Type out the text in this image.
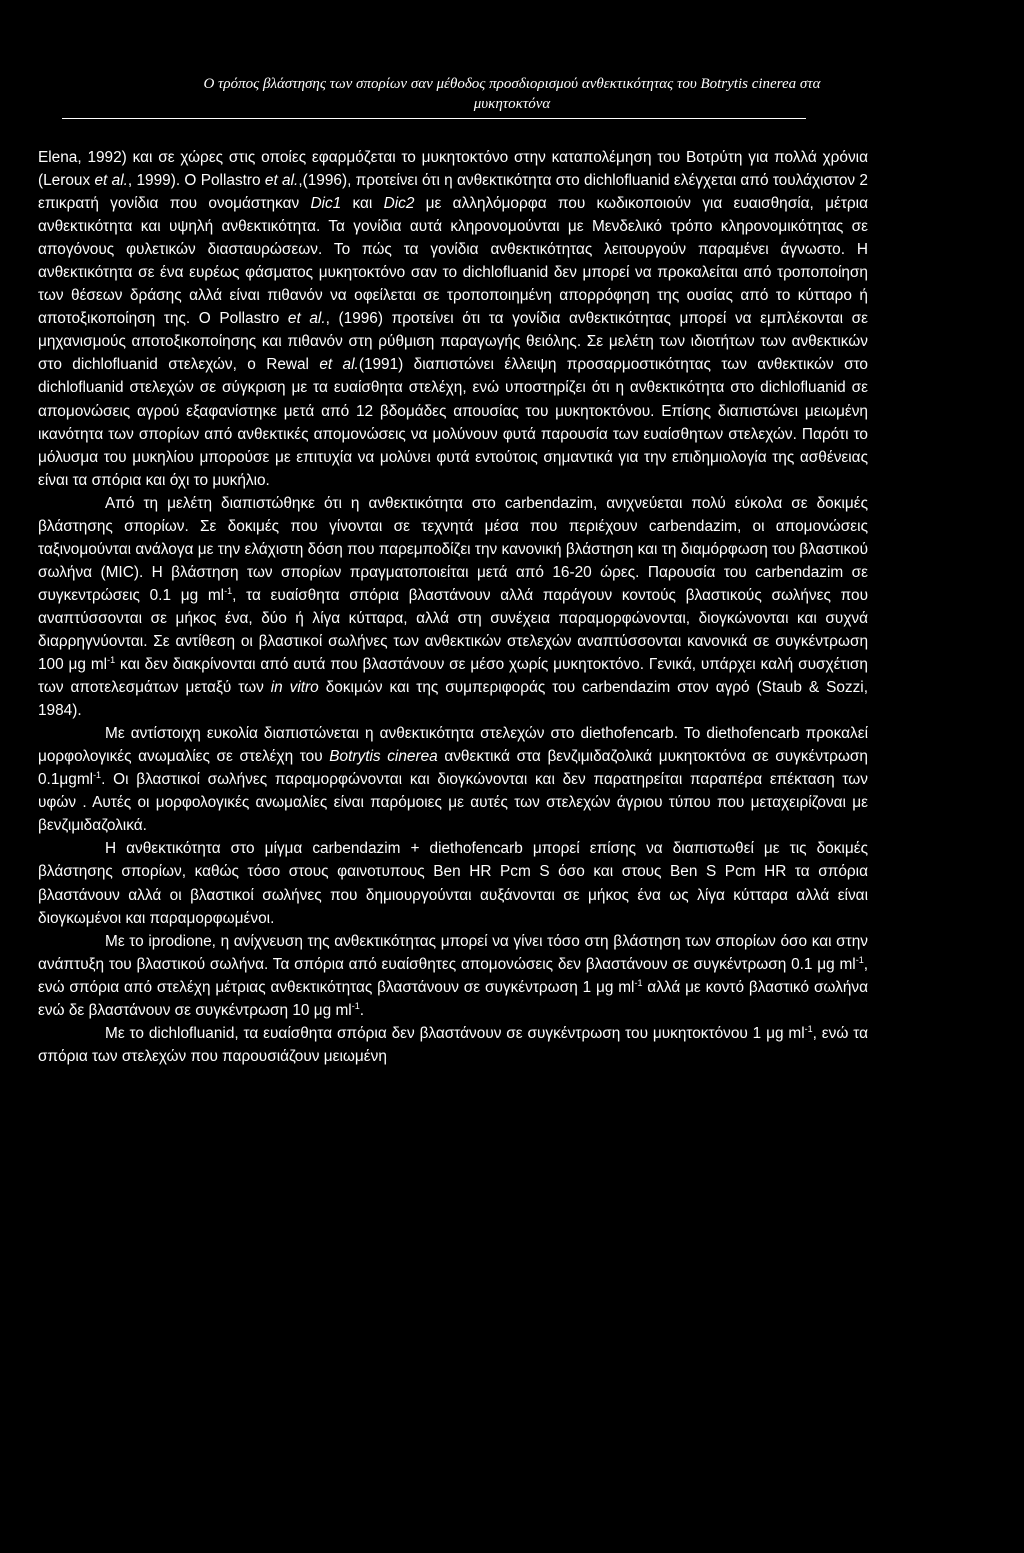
Ο τρόπος βλάστησης των σπορίων σαν μέθοδος προσδιορισμού ανθεκτικότητας του Botrytis cinerea στα
μυκητοκτόνα

Elena, 1992) και σε χώρες στις οποίες εφαρμόζεται το μυκητοκτόνο στην καταπολέμηση του Βοτρύτη για πολλά χρόνια (Leroux et al., 1999). Ο Pollastro et al.,(1996), προτείνει ότι η ανθεκτικότητα στο dichlofluanid ελέγχεται από τουλάχιστον 2 επικρατή γονίδια που ονομάστηκαν Dic1 και Dic2 με αλληλόμορφα που κωδικοποιούν για ευαισθησία, μέτρια ανθεκτικότητα και υψηλή ανθεκτικότητα. Τα γονίδια αυτά κληρονομούνται με Μενδελικό τρόπο κληρονομικότητας σε απογόνους φυλετικών διασταυρώσεων. Το πώς τα γονίδια ανθεκτικότητας λειτουργούν παραμένει άγνωστο. Η ανθεκτικότητα σε ένα ευρέως φάσματος μυκητοκτόνο σαν το dichlofluanid δεν μπορεί να προκαλείται από τροποποίηση των θέσεων δράσης αλλά είναι πιθανόν να οφείλεται σε τροποποιημένη απορρόφηση της ουσίας από το κύτταρο ή αποτοξικοποίηση της. Ο Pollastro et al., (1996) προτείνει ότι τα γονίδια ανθεκτικότητας μπορεί να εμπλέκονται σε μηχανισμούς αποτοξικοποίησης και πιθανόν στη ρύθμιση παραγωγής θειόλης. Σε μελέτη των ιδιοτήτων των ανθεκτικών στο dichlofluanid στελεχών, ο Rewal et al.(1991) διαπιστώνει έλλειψη προσαρμοστικότητας των ανθεκτικών στο dichlofluanid στελεχών σε σύγκριση με τα ευαίσθητα στελέχη, ενώ υποστηρίζει ότι η ανθεκτικότητα στο dichlofluanid σε απομονώσεις αγρού εξαφανίστηκε μετά από 12 βδομάδες απουσίας του μυκητοκτόνου. Επίσης διαπιστώνει μειωμένη ικανότητα των σπορίων από ανθεκτικές απομονώσεις να μολύνουν φυτά παρουσία των ευαίσθητων στελεχών. Παρότι το μόλυσμα του μυκηλίου μπορούσε με επιτυχία να μολύνει φυτά εντούτοις σημαντικά για την επιδημιολογία της ασθένειας είναι τα σπόρια και όχι το μυκήλιο.

Από τη μελέτη διαπιστώθηκε ότι η ανθεκτικότητα στο carbendazim, ανιχνεύεται πολύ εύκολα σε δοκιμές βλάστησης σπορίων. Σε δοκιμές που γίνονται σε τεχνητά μέσα που περιέχουν carbendazim, οι απομονώσεις ταξινομούνται ανάλογα με την ελάχιστη δόση που παρεμποδίζει την κανονική βλάστηση και τη διαμόρφωση του βλαστικού σωλήνα (MIC). Η βλάστηση των σπορίων πραγματοποιείται μετά από 16-20 ώρες. Παρουσία του carbendazim σε συγκεντρώσεις 0.1 μg $ml^{-1}$, τα ευαίσθητα σπόρια βλαστάνουν αλλά παράγουν κοντούς βλαστικούς σωλήνες που αναπτύσσονται σε μήκος ένα, δύο ή λίγα κύτταρα, αλλά στη συνέχεια παραμορφώνονται, διογκώνονται και συχνά διαρρηγνύονται. Σε αντίθεση οι βλαστικοί σωλήνες των ανθεκτικών στελεχών αναπτύσσονται κανονικά σε συγκέντρωση 100 μg $ml^{-1}$ και δεν διακρίνονται από αυτά που βλαστάνουν σε μέσο χωρίς μυκητοκτόνο. Γενικά, υπάρχει καλή συσχέτιση των αποτελεσμάτων μεταξύ των in vitro δοκιμών και της συμπεριφοράς του carbendazim στον αγρό (Staub & Sozzi, 1984).

Με αντίστοιχη ευκολία διαπιστώνεται η ανθεκτικότητα στελεχών στο diethofencarb. Το diethofencarb προκαλεί μορφολογικές ανωμαλίες σε στελέχη του Botrytis cinerea ανθεκτικά στα βενζιμιδαζολικά μυκητοκτόνα σε συγκέντρωση 0.1μgml$^{-1}$. Οι βλαστικοί σωλήνες παραμορφώνονται και διογκώνονται και δεν παρατηρείται παραπέρα επέκταση των υφών . Αυτές οι μορφολογικές ανωμαλίες είναι παρόμοιες με αυτές των στελεχών άγριου τύπου που μεταχειρίζοναι με βενζιμιδαζολικά.

Η ανθεκτικότητα στο μίγμα carbendazim + diethofencarb μπορεί επίσης να διαπιστωθεί με τις δοκιμές βλάστησης σπορίων, καθώς τόσο στους φαινοτυπους Ben HR Pcm S όσο και στους Ben S Pcm HR τα σπόρια βλαστάνουν αλλά οι βλαστικοί σωλήνες που δημιουργούνται αυξάνονται σε μήκος ένα ως λίγα κύτταρα αλλά είναι διογκωμένοι και παραμορφωμένοι.

Με το iprodione, η ανίχνευση της ανθεκτικότητας μπορεί να γίνει τόσο στη βλάστηση των σπορίων όσο και στην ανάπτυξη του βλαστικού σωλήνα. Τα σπόρια από ευαίσθητες απομονώσεις δεν βλαστάνουν σε συγκέντρωση 0.1 μg $ml^{-1}$, ενώ σπόρια από στελέχη μέτριας ανθεκτικότητας βλαστάνουν σε συγκέντρωση 1 μg $ml^{-1}$ αλλά με κοντό βλαστικό σωλήνα ενώ δε βλαστάνουν σε συγκέντρωση 10 μg $ml^{-1}$.

Με το dichlofluanid, τα ευαίσθητα σπόρια δεν βλαστάνουν σε συγκέντρωση του μυκητοκτόνου 1 μg $ml^{-1}$, ενώ τα σπόρια των στελεχών που παρουσιάζουν μειωμένη
